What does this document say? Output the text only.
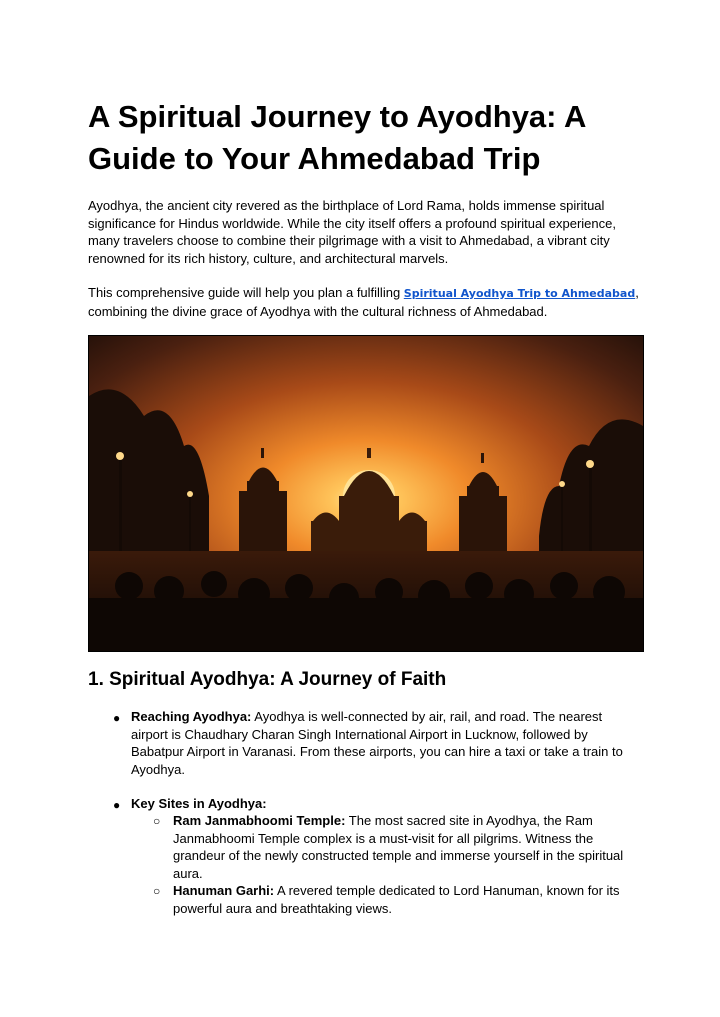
A Spiritual Journey to Ayodhya: A Guide to Your Ahmedabad Trip

Ayodhya, the ancient city revered as the birthplace of Lord Rama, holds immense spiritual significance for Hindus worldwide. While the city itself offers a profound spiritual experience, many travelers choose to combine their pilgrimage with a visit to Ahmedabad, a vibrant city renowned for its rich history, culture, and architectural marvels.

This comprehensive guide will help you plan a fulfilling Spiritual Ayodhya Trip to Ahmedabad, combining the divine grace of Ayodhya with the cultural richness of Ahmedabad.

1. Spiritual Ayodhya: A Journey of Faith
● Reaching Ayodhya: Ayodhya is well-connected by air, rail, and road. The nearest airport is Chaudhary Charan Singh International Airport in Lucknow, followed by Babatpur Airport in Varanasi. From these airports, you can hire a taxi or take a train to Ayodhya.

● Key Sites in Ayodhya:

○ Ram Janmabhoomi Temple: The most sacred site in Ayodhya, the Ram Janmabhoomi Temple complex is a must-visit for all pilgrims. Witness the grandeur of the newly constructed temple and immerse yourself in the spiritual aura.

○ Hanuman Garhi: A revered temple dedicated to Lord Hanuman, known for its powerful aura and breathtaking views.
